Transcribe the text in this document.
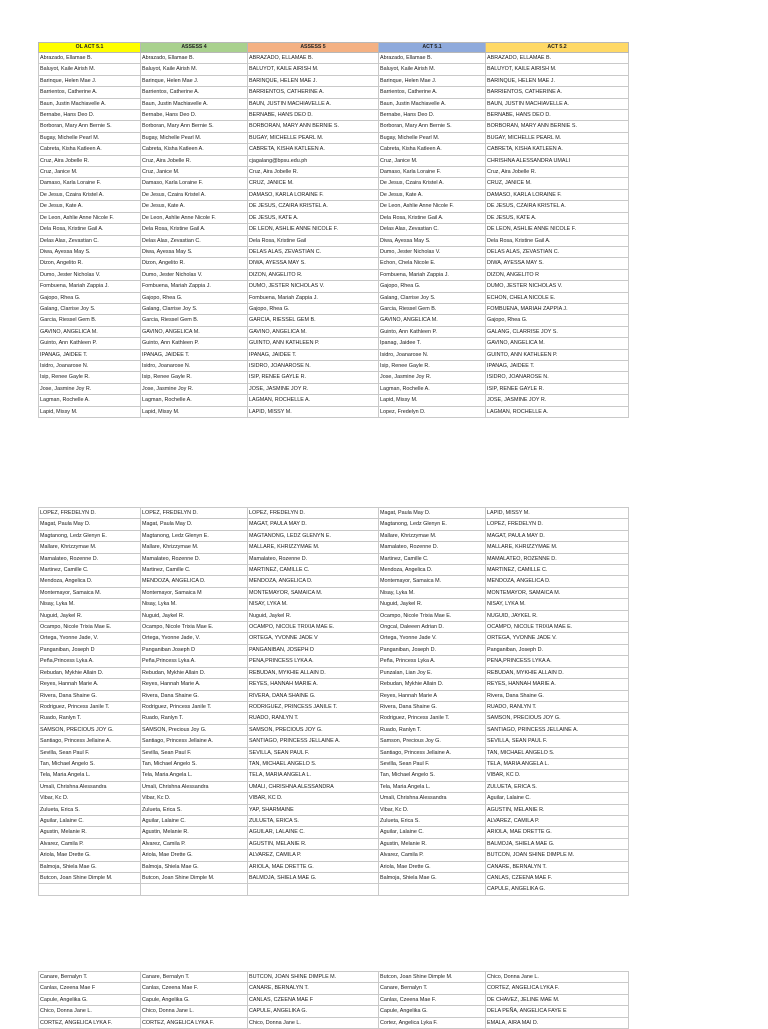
OL ACT 5.1	ASSESS 4	ASSESS 5	ACT 5.1	ACT 5.2
Abrazado, Ellamae B.	Abrazado, Ellamae B.	ABRAZADO, ELLAMAE B.	Abrazado, Ellamae B.	ABRAZADO, ELLAMAE B.
Baluyot, Kaile Airish M.	Baluyot, Kaile Airish M.	BALUYOT, KAILE AIRISH M.	Baluyot, Kaile Airish M.	BALUYOT, KAILE AIRISH M.
Barinque, Helen Mae J.	Barinque, Helen Mae J.	BARINQUE, HELEN MAE J.	Barinque, Helen Mae J.	BARINQUE, HELEN MAE J.
Barrientos, Catherine A.	Barrientos, Catherine A.	BARRIENTOS, CATHERINE A.	Barrientos, Catherine A.	BARRIENTOS, CATHERINE A.
Baun, Justin Machiavelle A.	Baun, Justin Machiavelle A.	BAUN, JUSTIN MACHIAVELLE A.	Baun, Justin Machiavelle A.	BAUN, JUSTIN MACHIAVELLE A.
Bernabe, Hans Deo D.	Bernabe, Hans Deo D.	BERNABE, HANS DEO D.	Bernabe, Hans Deo D.	BERNABE, HANS DEO D.
Borboran, Mary Ann Bernie S.	Borboran, Mary Ann Bernie S.	BORBORAN, MARY ANN BERNIE S.	Borboran, Mary Ann Bernie S.	BORBORAN, MARY ANN BERNIE S.
Bugay, Michelle Pearl M.	Bugay, Michelle Pearl M.	BUGAY, MICHELLE PEARL M.	Bugay, Michelle Pearl M.	BUGAY, MICHELLE PEARL M.
Cabreta, Kisha Katleen A.	Cabreta, Kisha Katleen A.	CABRETA, KISHA KATLEEN A.	Cabreta, Kisha Katleen A.	CABRETA, KISHA KATLEEN A.
Cruz, Aira Jobelle R.	Cruz, Aira Jobelle R.	cjagalang@bpsu.edu.ph	Cruz, Janice M.	CHRISHNA ALESSANDRA UMALI
Cruz, Janice M.	Cruz, Janice M.	Cruz, Aira Jobelle R.	Damaso, Karla Loraine F.	Cruz, Aira Jobelle R.
Damaso, Karla Loraine F.	Damaso, Karla Loraine F.	CRUZ, JANICE M.	De Jesus, Czaira Kristel A.	CRUZ, JANICE M.
De Jesus, Czaira Kristel A.	De Jesus, Czaira Kristel A.	DAMASO, KARLA LORAINE F.	De Jesus, Kate A.	DAMASO, KARLA LORAINE F.
De Jesus, Kate A.	De Jesus, Kate A.	DE JESUS, CZAIRA KRISTEL A.	De Leon, Ashlie Anne Nicole F.	DE JESUS, CZAIRA KRISTEL A.
De Leon, Ashlie Anne Nicole F.	De Leon, Ashlie Anne Nicole F.	DE JESUS, KATE A.	Dela Rosa, Kristine Gail A.	DE JESUS, KATE A.
Dela Rosa, Kristine Gail A.	Dela Rosa, Kristine Gail A.	DE LEON, ASHLIE ANNE NICOLE F.	Delas Alas, Zevastian C.	DE LEON, ASHLIE ANNE NICOLE F.
Delas Alas, Zevastian C.	Delas Alas, Zevastian C.	Dela Rosa, Kristine Gail	Diwa, Ayessa May S.	Dela Rosa, Kristine Gail A.
Diwa, Ayessa May S.	Diwa, Ayessa May S.	DELAS ALAS, ZEVASTIAN C.	Dumo, Jester Nicholas V.	DELAS ALAS, ZEVASTIAN C.
Dizon, Angelito R.	Dizon, Angelito R.	DIWA, AYESSA MAY S.	Echon, Chela Nicole E.	DIWA, AYESSA MAY S.
Dumo, Jester Nicholas V.	Dumo, Jester Nicholas V.	DIZON, ANGELITO R.	Fombuena, Mariah Zappia J.	DIZON, ANGELITO R
Fombuena, Mariah Zappia J.	Fombuena, Mariah Zappia J.	DUMO, JESTER NICHOLAS V.	Gajopo, Rhea G.	DUMO, JESTER NICHOLAS V.
Gajopo, Rhea G.	Gajopo, Rhea G.	Fombuena, Mariah Zappia J.	Galang, Clarrise Joy S.	ECHON, CHELA NICOLE E.
Galang, Clarrise Joy S.	Galang, Clarrise Joy S.	Gajopo, Rhea G.	Garcia, Riessel Gem B.	FOMBUENA, MARIAH ZAPPIA J.
Garcia, Riessel Gem B.	Garcia, Riessel Gem B.	GARCIA, RIESSEL GEM B.	GAVINO, ANGELICA M.	Gajopo, Rhea G.
GAVINO, ANGELICA M.	GAVINO, ANGELICA M.	GAVINO, ANGELICA M.	Guinto, Ann Kathleen P.	GALANG, CLARRISE JOY S.
Guinto, Ann Kathleen P.	Guinto, Ann Kathleen P.	GUINTO, ANN KATHLEEN P.	Ipanag, Jaidee T.	GAVINO, ANGELICA M.
IPANAG, JAIDEE T.	IPANAG, JAIDEE T.	IPANAG, JAIDEE T.	Isidro, Joanarose N.	GUINTO, ANN KATHLEEN P.
Isidro, Joanarose N.	Isidro, Joanarose N.	ISIDRO, JOANAROSE N.	Isip, Renee Gayle R.	IPANAG, JAIDEE T.
Isip, Renee Gayle R.	Isip, Renee Gayle R.	ISIP, RENEE GAYLE R.	Jose, Jasmine Joy R.	ISIDRO, JOANAROSE N.
Jose, Jasmine Joy R.	Jose, Jasmine Joy R.	JOSE, JASMINE JOY R.	Lagman, Rochelle A.	ISIP, RENEE GAYLE R.
Lagman, Rochelle A.	Lagman, Rochelle A.	LAGMAN, ROCHELLE A.	Lapid, Missy M.	JOSE, JASMINE JOY R.
Lapid, Missy M.	Lapid, Missy M.	LAPID, MISSY M.	Lopez, Fredelyn D.	LAGMAN, ROCHELLE A.
LOPEZ, FREDELYN D.	LOPEZ, FREDELYN D.	LOPEZ, FREDELYN D.	Magat, Paula May D.	LAPID, MISSY M.
Magat, Paula May D.	Magat, Paula May D.	MAGAT, PAULA MAY D.	Magtanong, Ledz Glenyn E.	LOPEZ, FREDELYN D.
Magtanong, Ledz Glenyn E.	Magtanong, Ledz Glenyn E.	MAGTANONG, LEDZ GLENYN E.	Mallare, Khrizzymae M.	MAGAT, PAULA MAY D.
Mallare, Khrizzymae M.	Mallare, Khrizzymae M.	MALLARE, KHRIZZYMAE M.	Mamalateo, Rozenne D.	MALLARE, KHRIZZYMAE M.
Mamalateo, Rozenne D.	Mamalateo, Rozenne D.	Mamalateo, Rozenne D.	Martinez, Camille C.	MAMALATEO, ROZENNE D.
Martinez, Camille C.	Martinez, Camille C.	MARTINEZ, CAMILLE C.	Mendoza, Angelica D.	MARTINEZ, CAMILLE C.
Mendoza, Angelica D.	MENDOZA, ANGELICA D.	MENDOZA, ANGELICA D.	Montemayor, Samaica M.	MENDOZA, ANGELICA D.
Montemayor, Samaica M.	Montemayor, Samaica M	MONTEMAYOR, SAMAICA M.	Nisay, Lyka M.	MONTEMAYOR, SAMAICA M.
Nisay, Lyka M.	Nisay, Lyka M.	NISAY, LYKA M.	Nuguid, Jaykel R.	NISAY, LYKA M.
Nuguid, Jaykel R.	Nuguid, Jaykel R.	Nuguid, Jaykel R.	Ocampo, Nicole Trixia Mae E.	NUGUID, JAYKEL R.
Ocampo, Nicole Trixia Mae E.	Ocampo, Nicole Trixia Mae E.	OCAMPO, NICOLE TRIXIA MAE E.	Ongcal, Daleeen Adrian D.	OCAMPO, NICOLE TRIXIA MAE E.
Ortega, Yvonne Jade, V.	Ortega, Yvonne Jade, V.	ORTEGA, YVONNE JADE V	Ortega, Yvonne Jade V.	ORTEGA, YVONNE JADE V.
Panganiban, Joseph D	Panganiban Joseph D	PANGANIBAN, JOSEPH D	Panganiban, Joseph D.	Panganiban, Joseph D.
Peña,Princess Lyka A.	Peña,Princess Lyka A.	PENA,PRINCESS LYKA A.	Peña, Princess Lyka A.	PENA,PRINCESS LYKA A.
Rebudan, Mykhie Allain D.	Rebudan, Mykhie Allain D.	REBUDAN, MYKHIE ALLAIN D.	Punzalan, Lian Joy E.	REBUDAN, MYKHIE ALLAIN D.
Reyes, Hannah Marie A.	Reyes, Hannah Marie A.	REYES, HANNAH MARIE A.	Rebudan, Mykhie Allain D.	REYES, HANNAH MARIE A.
Rivera, Dana Shaine G.	Rivera, Dana Shaine G.	RIVERA, DANA SHAINE G.	Reyes, Hannah Marie A	Rivera, Dana Shaine G.
Rodriguez, Princess Janile T.	Rodriguez, Princess Janile T.	RODRIGUEZ, PRINCESS JANILE T.	Rivera, Dana Shaine G.	RUADO, RANLYN T.
Ruado, Ranlyn T.	Ruado, Ranlyn T.	RUADO, RANLYN T.	Rodriguez, Princess Janile T.	SAMSON, PRECIOUS JOY G.
SAMSON, PRECIOUS JOY G.	SAMSON, Precious Joy G.	SAMSON, PRECIOUS JOY G.	Ruado, Ranlyn T.	SANTIAGO, PRINCESS JELLAINE A.
Santiago, Princess Jellaine A.	Santiago, Princess Jellaine A.	SANTIAGO, PRINCESS JELLAINE A.	Samson, Precious Joy G.	SEVILLA, SEAN PAUL F.
Sevilla, Sean Paul F.	Sevilla, Sean Paul F.	SEVILLA, SEAN PAUL F.	Santiago, Princess Jellaine A.	TAN, MICHAEL ANGELO S.
Tan, Michael Angelo S.	Tan, Michael Angelo S.	TAN, MICHAEL ANGELO S.	Sevilla, Sean Paul F.	TELA, MARIA ANGELA L.
Tela, Maria Angela L.	Tela, Maria Angela L.	TELA, MARIA ANGELA L.	Tan, Michael Angelo S.	VIBAR, KC D.
Umali, Chrishna Alessandra	Umali, Chrishna Alessandra	UMALI, CHRISHNA ALESSANDRA	Tela, Maria Angela L.	ZULUETA, ERICA S.
Vibar, Kc D.	Vibar, Kc D.	VIBAR, KC D.	Umali, Chrishna Alessandra	Aguilar, Lalaine C.
Zulueta, Erica S.	Zulueta, Erica S.	YAP, SHARMAINE	Vibar, Kc D.	AGUSTIN, MELANIE R.
Aguilar, Lalaine C.	Aguilar, Lalaine C.	ZULUETA, ERICA S.	Zulueta, Erica S.	ALVAREZ, CAMILA P.
Agustin, Melanie R.	Agustin, Melanie R.	AGUILAR, LALAINE C.	Aguilar, Lalaine C.	ARIOLA, MAE DRETTE G.
Alvarez, Camila P.	Alvarez, Camila P.	AGUSTIN, MELANIE R.	Agustin, Melanie R.	BALMOJA, SHIELA MAE G.
Ariola, Mae Drette G.	Ariola, Mae Drette G.	ALVAREZ, CAMILA P.	Alvarez, Camila P.	BUTCON, JOAN SHINE DIMPLE M.
Balmoja, Shiela Mae G.	Balmoja, Shiela Mae G.	ARIOLA, MAE DRETTE G.	Ariola, Mae Drette G.	CANARE, BERNALYN T.
Butcon, Joan Shine Dimple M.	Butcon, Joan Shine Dimple M.	BALMOJA, SHIELA MAE G.	Balmoja, Shiela Mae G.	CANLAS, CZEENA MAE F.
				CAPULE, ANGELIKA G.
Canare, Bernalyn T.	Canare, Bernalyn T.	BUTCON, JOAN SHINE DIMPLE M.	Butcon, Joan Shine Dimple M.	Chico, Donna Jane L.
Canlas, Czeena Mae F	Canlas, Czeena Mae F.	CANARE, BERNALYN T.	Canare, Bernalyn T.	CORTEZ, ANGELICA LYKA F.
Capule, Angelika G.	Capule, Angelika G.	CANLAS, CZEENA MAE F	Canlas, Czeena Mae F.	DE CHAVEZ, JELINE MAE M.
Chico, Donna Jane L.	Chico, Donna Jane L.	CAPULE, ANGELIKA G.	Capule, Angelika G.	DELA PEÑA, ANGELICA FAYE E
CORTEZ, ANGELICA LYKA F.	CORTEZ, ANGELICA LYKA F.	Chico, Donna Jane L.	Cortez, Angelica Lyka F.	EMALA, AIRA MAI D.
